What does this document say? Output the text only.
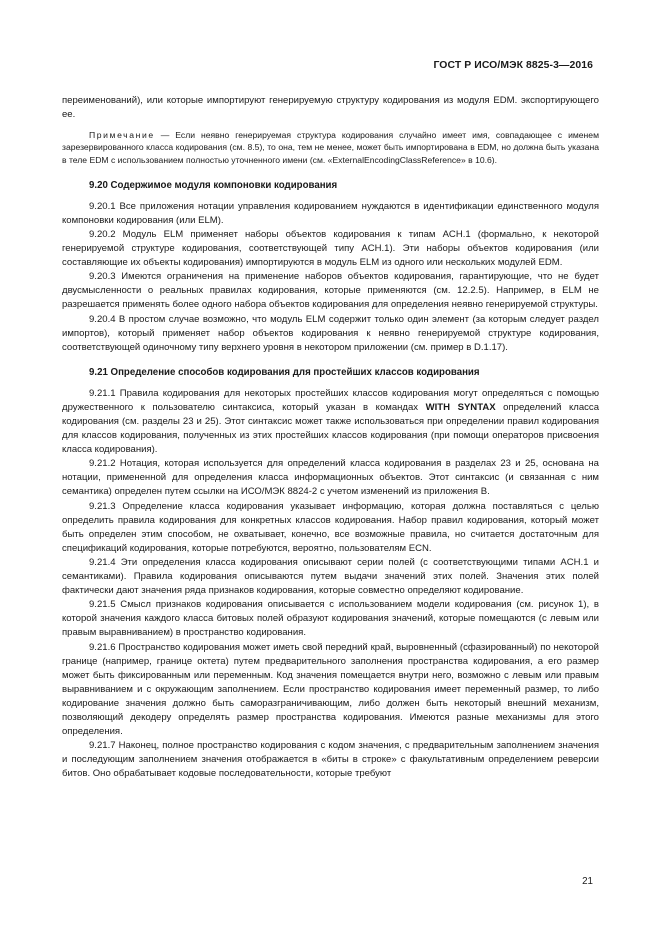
ГОСТ Р ИСО/МЭК 8825-3—2016

переименований), или которые импортируют генерируемую структуру кодирования из модуля EDM. экспортирующего ее.

Примечание — Если неявно генерируемая структура кодирования случайно имеет имя, совпадающее с именем зарезервированного класса кодирования (см. 8.5), то она, тем не менее, может быть импортирована в EDM, но должна быть указана в теле EDM с использованием полностью уточненного имени (см. «ExternalEncodingClassReference» в 10.6).

9.20 Содержимое модуля компоновки кодирования

9.20.1 Все приложения нотации управления кодированием нуждаются в идентификации единственного модуля компоновки кодирования (или ELM).

9.20.2 Модуль ELM применяет наборы объектов кодирования к типам ACH.1 (формально, к некоторой генерируемой структуре кодирования, соответствующей типу ACH.1). Эти наборы объектов кодирования (или составляющие их объекты кодирования) импортируются в модуль ELM из одного или нескольких модулей EDM.

9.20.3 Имеются ограничения на применение наборов объектов кодирования, гарантирующие, что не будет двусмысленности о реальных правилах кодирования, которые применяются (см. 12.2.5). Например, в ELM не разрешается применять более одного набора объектов кодирования для определения неявно генерируемой структуры.

9.20.4 В простом случае возможно, что модуль ELM содержит только один элемент (за которым следует раздел импортов), который применяет набор объектов кодирования к неявно генерируемой структуре кодирования, соответствующей одиночному типу верхнего уровня в некотором приложении (см. пример в D.1.17).

9.21 Определение способов кодирования для простейших классов кодирования

9.21.1 Правила кодирования для некоторых простейших классов кодирования могут определяться с помощью дружественного к пользователю синтаксиса, который указан в командах WITH SYNTAX определений класса кодирования (см. разделы 23 и 25). Этот синтаксис может также использоваться при определении правил кодирования для классов кодирования, полученных из этих простейших классов кодирования (при помощи операторов присвоения класса кодирования).

9.21.2 Нотация, которая используется для определений класса кодирования в разделах 23 и 25, основана на нотации, примененной для определения класса информационных объектов. Этот синтаксис (и связанная с ним семантика) определен путем ссылки на ИСО/МЭК 8824-2 с учетом изменений из приложения B.

9.21.3 Определение класса кодирования указывает информацию, которая должна поставляться с целью определить правила кодирования для конкретных классов кодирования. Набор правил кодирования, который может быть определен этим способом, не охватывает, конечно, все возможные правила, но считается достаточным для спецификаций кодирования, которые потребуются, вероятно, пользователям ECN.

9.21.4 Эти определения класса кодирования описывают серии полей (с соответствующими типами ACH.1 и семантиками). Правила кодирования описываются путем выдачи значений этих полей. Значения этих полей фактически дают значения ряда признаков кодирования, которые совместно определяют кодирование.

9.21.5 Смысл признаков кодирования описывается с использованием модели кодирования (см. рисунок 1), в которой значения каждого класса битовых полей образуют кодирования значений, которые помещаются (с левым или правым выравниванием) в пространство кодирования.

9.21.6 Пространство кодирования может иметь свой передний край, выровненный (сфазированный) по некоторой границе (например, границе октета) путем предварительного заполнения пространства кодирования, а его размер может быть фиксированным или переменным. Код значения помещается внутри него, возможно с левым или правым выравниванием и с окружающим заполнением. Если пространство кодирования имеет переменный размер, то либо кодирование значения должно быть саморазграничивающим, либо должен быть некоторый внешний механизм, позволяющий декодеру определять размер пространства кодирования. Имеются разные механизмы для этого определения.

9.21.7 Наконец, полное пространство кодирования с кодом значения, с предварительным заполнением значения и последующим заполнением значения отображается в «биты в строке» с факультативным определением реверсии битов. Оно обрабатывает кодовые последовательности, которые требуют

21
